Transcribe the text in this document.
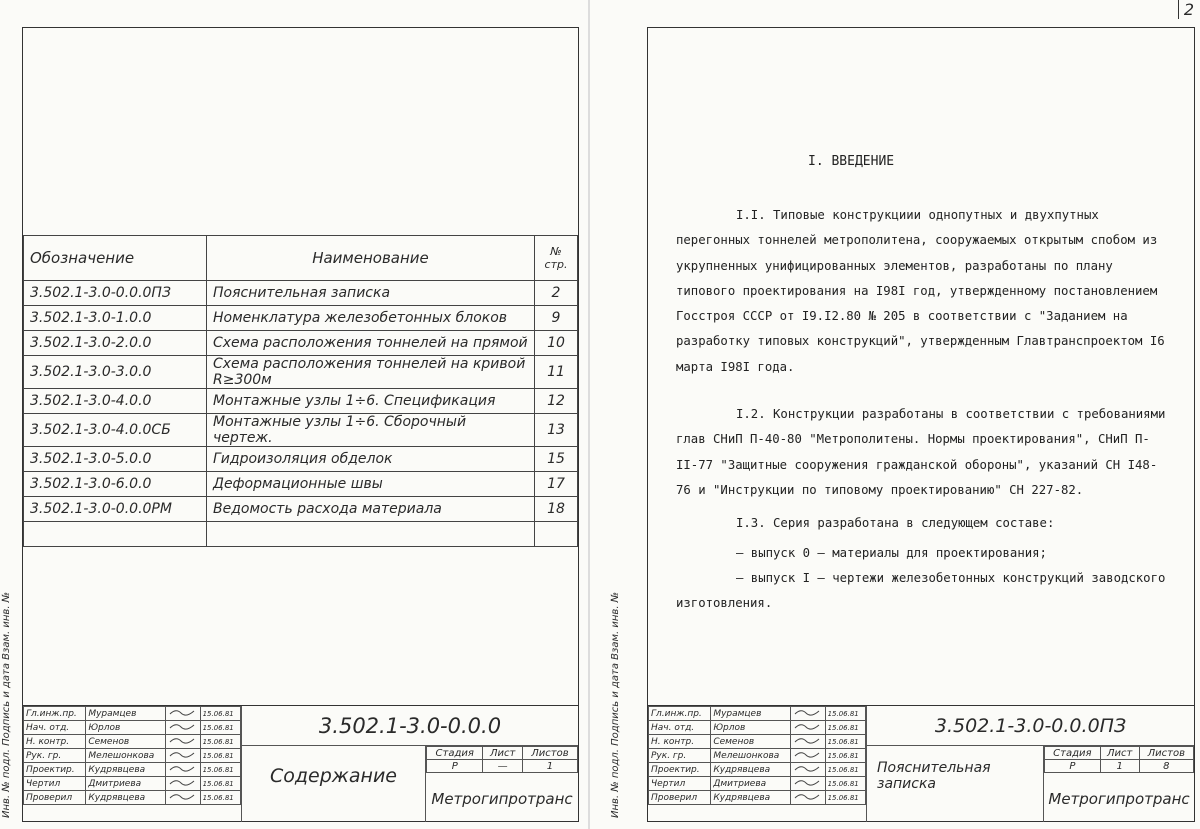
2
Обозначение	Наименование	№ стр.
3.502.1-3.0-0.0.0ПЗ	Пояснительная записка	2
3.502.1-3.0-1.0.0	Номенклатура железобетонных блоков	9
3.502.1-3.0-2.0.0	Схема расположения тоннелей на прямой	10
3.502.1-3.0-3.0.0	Схема расположения тоннелей на кривой R≥300м	11
3.502.1-3.0-4.0.0	Монтажные узлы 1÷6. Спецификация	12
3.502.1-3.0-4.0.0СБ	Монтажные узлы 1÷6. Сборочный чертеж.	13
3.502.1-3.0-5.0.0	Гидроизоляция обделок	15
3.502.1-3.0-6.0.0	Деформационные швы	17
3.502.1-3.0-0.0.0РМ	Ведомость расхода материала	18

Инв. № подл. Подпись и дата Взам. инв. № Гл.инж.пр.	Мурамцев		15.06.81
Нач. отд.	Юрлов		15.06.81
Н. контр.	Семенов		15.06.81
Рук. гр.	Мелешонкова		15.06.81
Проектир.	Кудрявцева		15.06.81
Чертил	Дмитриева		15.06.81
Проверил	Кудрявцева		15.06.81
3.502.1-3.0-0.0.0
Содержание
Стадия	Лист	Листов
Р	—	1
Метрогипротранс
I. ВВЕДЕНИЕ

I.I. Типовые конструкциии однопутных и двухпутных перегонных тоннелей метрополитена, сооружаемых открытым спобом из укрупненных унифицированных элементов, разработаны по плану типового проектирования на I98I год, утвержденному постановлением Госстроя СССР от I9.I2.80 № 205 в соответствии с "Заданием на разработку типовых конструкций", утвержденным Главтранспроектом I6 марта I98I года.

I.2. Конструкции разработаны в соответствии с требованиями глав СНиП П-40-80 "Метрополитены. Нормы проектирования", СНиП П-II-77 "Защитные сооружения гражданской обороны", указаний СН I48-76 и "Инструкции по типовому проектированию" СН 227-82.

I.3. Серия разработана в следующем составе:

– выпуск 0 – материалы для проектирования;

– выпуск I – чертежи железобетонных конструкций заводского изготовления.

Инв. № подл. Подпись и дата Взам. инв. №	Гл.инж.пр.	Мурамцев		15.06.81
Нач. отд.	Юрлов		15.06.81
Н. контр.	Семенов		15.06.81
Рук. гр.	Мелешонкова		15.06.81
Проектир.	Кудрявцева		15.06.81
Чертил	Дмитриева		15.06.81
Проверил	Кудрявцева		15.06.81
3.502.1-3.0-0.0.0ПЗ
Пояснительная записка
Стадия	Лист	Листов
Р	1	8
Метрогипротранс
